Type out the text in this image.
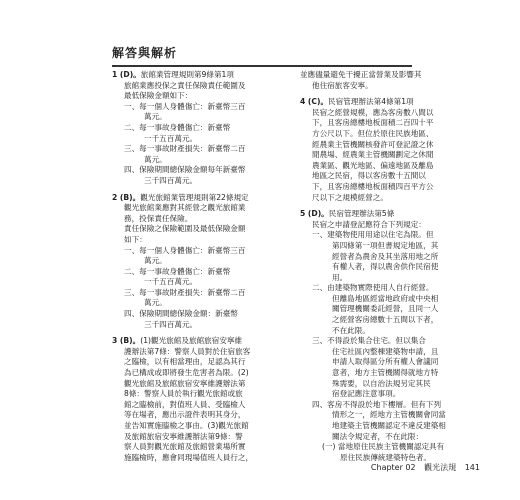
解答與解析
1 (D)。旅館業管理規則第9條第1項
旅館業應投保之責任保險責任範圍及
最低保險金額如下：
一、每一個人身體傷亡：新臺幣三百
萬元。
二、每一事故身體傷亡：新臺幣
一千五百萬元。
三、每一事故財產損失：新臺幣二百
萬元。
四、保險期間總保險金額每年新臺幣
三千四百萬元。
2 (B)。觀光旅館業管理規則第22條規定
觀光旅館業應對其經營之觀光旅館業
務，投保責任保險。
責任保險之保險範圍及最低保險金額
如下：
一、每一個人身體傷亡：新臺幣三百
萬元。
二、每一事故身體傷亡：新臺幣
一千五百萬元。
三、每一事故財產損失：新臺幣二百
萬元。
四、保險期間總保險金額：新臺幣
三千四百萬元。
3 (B)。(1)觀光旅館及旅館旅宿安寧維
護辦法第7條：警察人員對於住宿旅客
之臨檢，以有相當理由，足認為其行
為已構成或即將發生危害者為限。(2)
觀光旅館及旅館旅宿安寧維護辦法第
8條：警察人員於執行觀光旅館或旅
館之臨檢前，對值班人員、受臨檢人
等在場者，應出示證件表明其身分，
並告知實施臨檢之事由。(3)觀光旅館
及旅館旅宿安寧維護辦法第9條：警
察人員對觀光旅館及旅館營業場所實
施臨檢時，應會同現場值班人員行之，
並應儘量避免干擾正當營業及影響其
他住宿旅客安寧。
4 (C)。民宿管理辦法第4條第1項
民宿之經營規模，應為客房數八間以
下，且客房總樓地板面積二百四十平
方公尺以下。但位於原住民族地區、
經農業主管機關核發許可登記證之休
閒農場、經農業主管機關劃定之休閒
農業區、觀光地區、偏遠地區及離島
地區之民宿，得以客房數十五間以
下，且客房總樓地板面積四百平方公
尺以下之規模經營之。
5 (D)。民宿管理辦法第5條
民宿之申請登記應符合下列規定：
一、建築物使用用途以住宅為限。但
第四條第一項但書規定地區，其
經營者為農舍及其坐落用地之所
有權人者，得以農舍供作民宿使
用。
二、由建築物實際使用人自行經營。
但離島地區經當地政府或中央相
關管理機關委託經營，且同一人
之經營客房總數十五間以下者，
不在此限。
三、不得設於集合住宅。但以集合
住宅社區內整棟建築物申請，且
申請人取得區分所有權人會議同
意者，地方主管機關得就地方特
殊需要，以自治法規另定其民
宿登記應注意事項。
四、客房不得設於地下樓層。但有下列
情形之一，經地方主管機關會同當
地建築主管機關認定不違反建築相
關法令規定者，不在此限：
(一) 當地原住民族主管機關認定具有
原住民族傳統建築特色者。
Chapter 02 觀光法規 141
